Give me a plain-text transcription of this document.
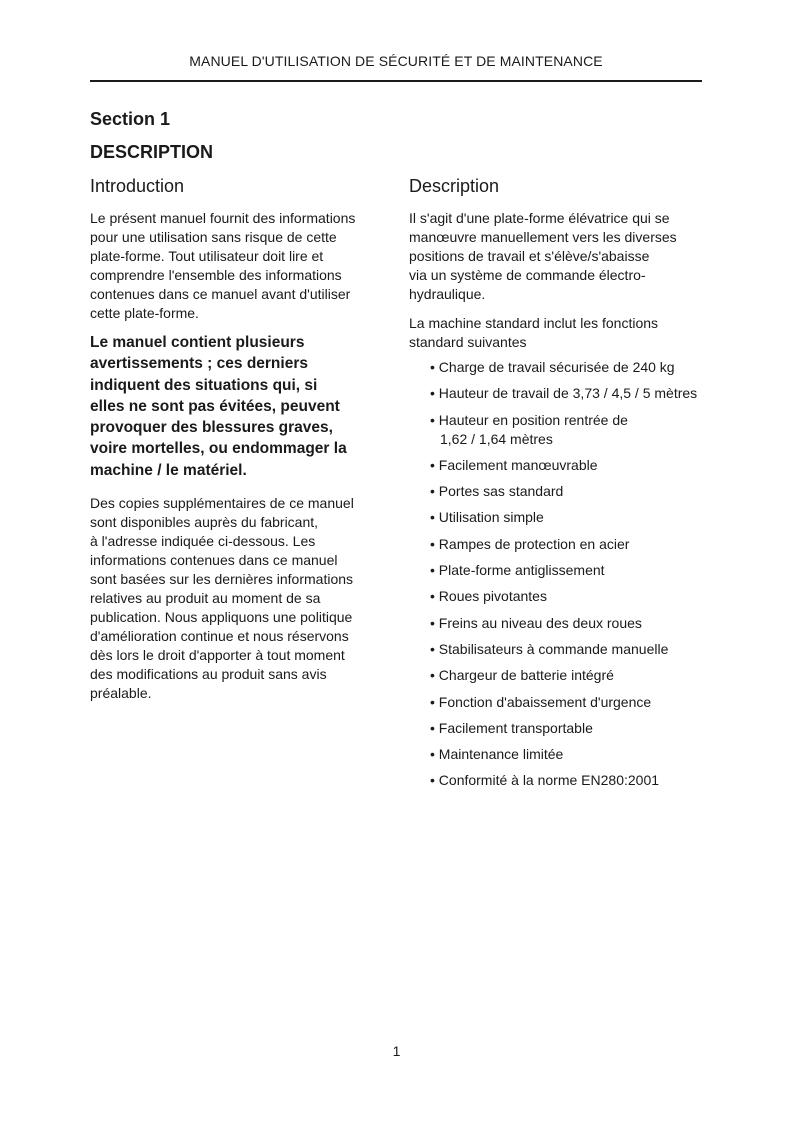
MANUEL D'UTILISATION DE SÉCURITÉ ET DE MAINTENANCE
Section 1
DESCRIPTION
Introduction

Le présent manuel fournit des informations
pour une utilisation sans risque de cette
plate-forme. Tout utilisateur doit lire et
comprendre l'ensemble des informations
contenues dans ce manuel avant d'utiliser
cette plate-forme.

Le manuel contient plusieurs
avertissements ; ces derniers
indiquent des situations qui, si
elles ne sont pas évitées, peuvent
provoquer des blessures graves,
voire mortelles, ou endommager la
machine / le matériel.

Des copies supplémentaires de ce manuel
sont disponibles auprès du fabricant,
à l'adresse indiquée ci-dessous. Les
informations contenues dans ce manuel
sont basées sur les dernières informations
relatives au produit au moment de sa
publication. Nous appliquons une politique
d'amélioration continue et nous réservons
dès lors le droit d'apporter à tout moment
des modifications au produit sans avis
préalable.

Description

Il s'agit d'une plate-forme élévatrice qui se
manœuvre manuellement vers les diverses
positions de travail et s'élève/s'abaisse
via un système de commande électro-
hydraulique.

La machine standard inclut les fonctions
standard suivantes

• Charge de travail sécurisée de 240 kg
• Hauteur de travail de 3,73 / 4,5 / 5 mètres
• Hauteur en position rentrée de
1,62 / 1,64 mètres
• Facilement manœuvrable
• Portes sas standard
• Utilisation simple
• Rampes de protection en acier
• Plate-forme antiglissement
• Roues pivotantes
• Freins au niveau des deux roues
• Stabilisateurs à commande manuelle
• Chargeur de batterie intégré
• Fonction d'abaissement d'urgence
• Facilement transportable
• Maintenance limitée
• Conformité à la norme EN280:2001
1
